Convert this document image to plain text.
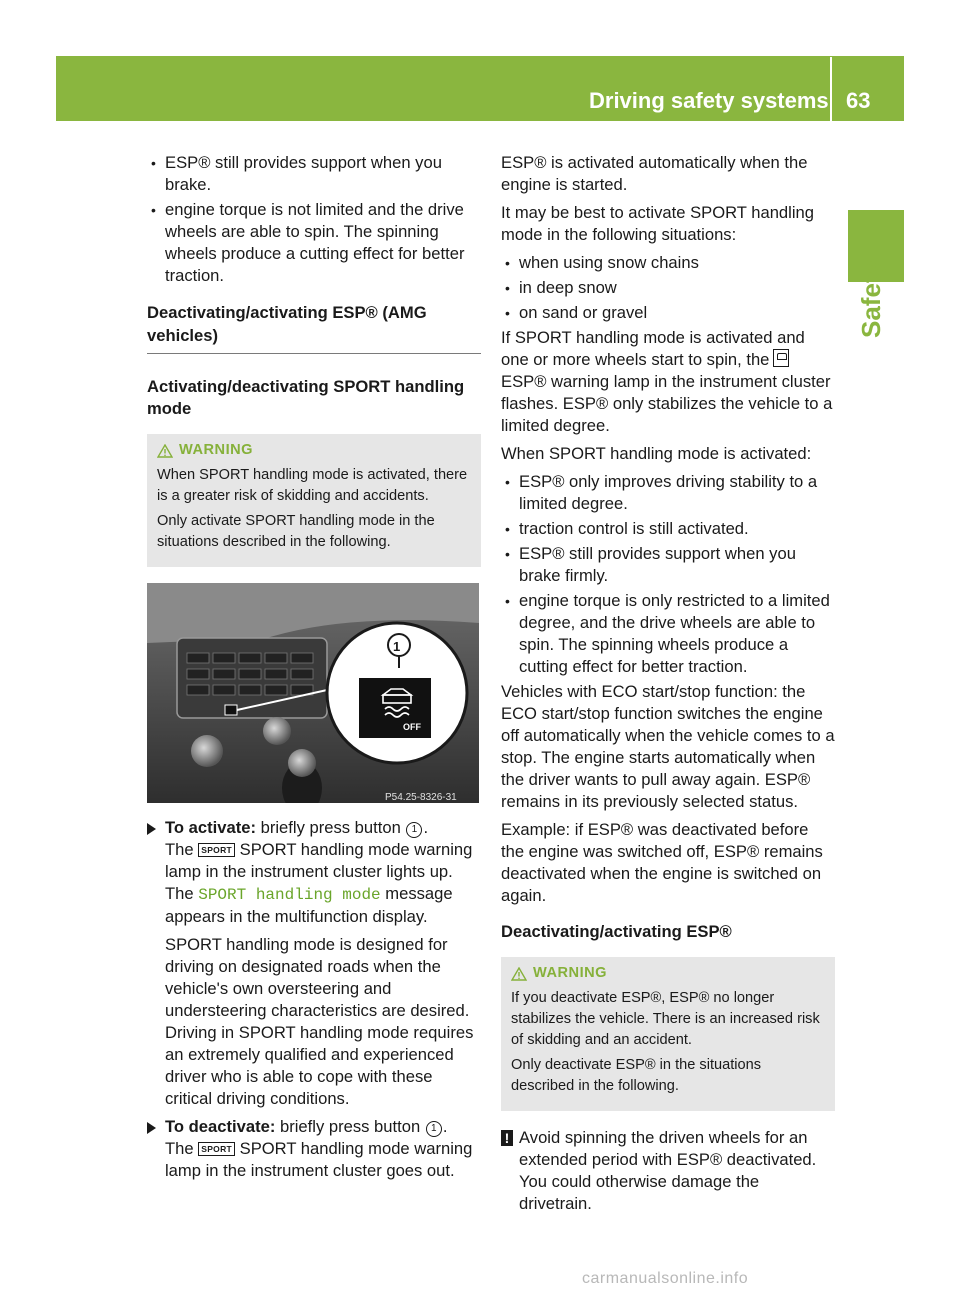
Driving safety systems 63
Safety
• ESP® still provides support when you brake.
• engine torque is not limited and the drive wheels are able to spin. The spinning wheels produce a cutting effect for better traction.
Deactivating/activating ESP® (AMG vehicles)
Activating/deactivating SPORT handling mode
WARNING

When SPORT handling mode is activated, there is a greater risk of skidding and accidents.

Only activate SPORT handling mode in the situations described in the following.

1
OFF
P54.25-8326-31

To activate: briefly press button 1 .

The SPORT SPORT handling mode warning lamp in the instrument cluster lights up.

The SPORT handling mode message appears in the multifunction display.

SPORT handling mode is designed for driving on designated roads when the vehicle's own oversteering and understeering characteristics are desired. Driving in SPORT handling mode requires an extremely qualified and experienced driver who is able to cope with these critical driving conditions.

To deactivate: briefly press button 1 .

The SPORT SPORT handling mode warning lamp in the instrument cluster goes out.

ESP® is activated automatically when the engine is started.

It may be best to activate SPORT handling mode in the following situations:

• when using snow chains
• in deep snow
• on sand or gravel

If SPORT handling mode is activated and one or more wheels start to spin, theESP® warning lamp in the instrument cluster flashes. ESP® only stabilizes the vehicle to a limited degree.

When SPORT handling mode is activated:

• ESP® only improves driving stability to a limited degree.
• traction control is still activated.
• ESP® still provides support when you brake firmly.
• engine torque is only restricted to a limited degree, and the drive wheels are able to spin. The spinning wheels produce a cutting effect for better traction.

Vehicles with ECO start/stop function: the ECO start/stop function switches the engine off automatically when the vehicle comes to a stop. The engine starts automatically when the driver wants to pull away again. ESP® remains in its previously selected status.

Example: if ESP® was deactivated before the engine was switched off, ESP® remains deactivated when the engine is switched on again.

Deactivating/activating ESP®
WARNING

If you deactivate ESP®, ESP® no longer stabilizes the vehicle. There is an increased risk of skidding and an accident.

Only deactivate ESP® in the situations described in the following.

! Avoid spinning the driven wheels for an extended period with ESP® deactivated. You could otherwise damage the drivetrain.

carmanualsonline.info
